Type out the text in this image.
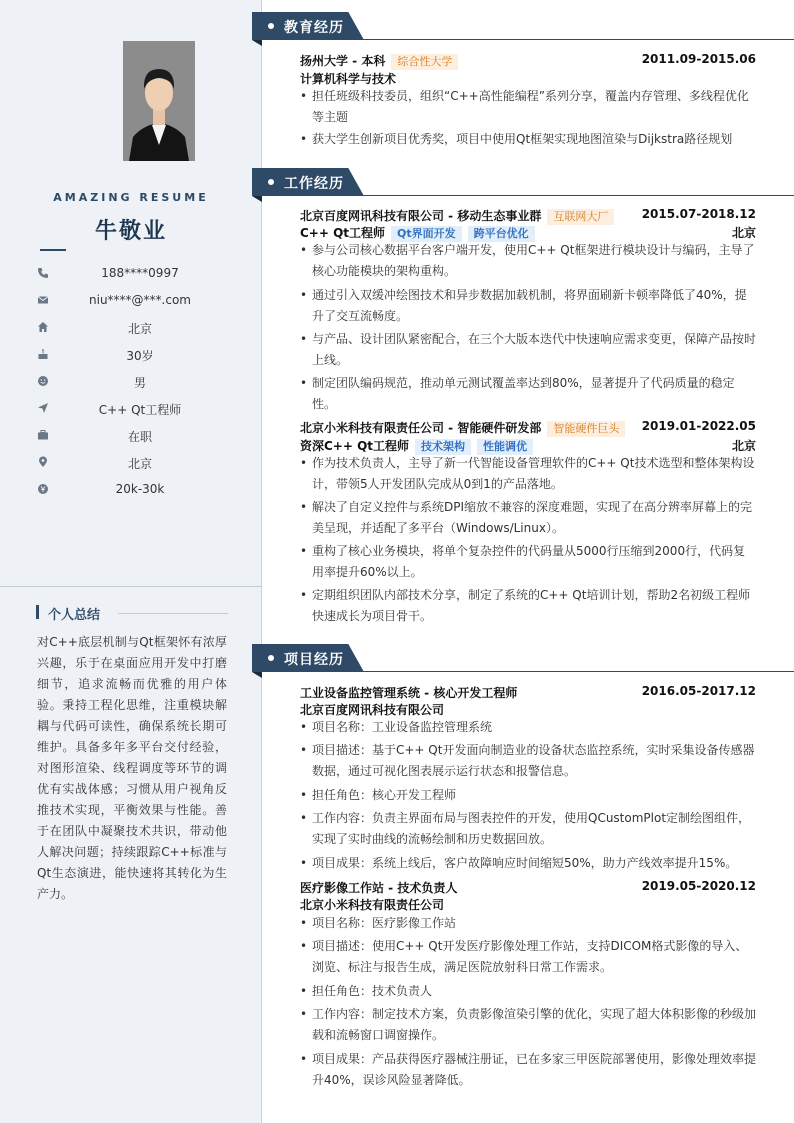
AMAZING RESUME
牛敬业
188****0997
niu****@***.com
北京
30岁
男
C++ Qt工程师
在职
北京
20k-30k
个人总结
对C++底层机制与Qt框架怀有浓厚兴趣，乐于在桌面应用开发中打磨细节，追求流畅而优雅的用户体验。秉持工程化思维，注重模块解耦与代码可读性，确保系统长期可维护。具备多年多平台交付经验，对图形渲染、线程调度等环节的调优有实战体感；习惯从用户视角反推技术实现，平衡效果与性能。善于在团队中凝聚技术共识，带动他人解决问题；持续跟踪C++标准与Qt生态演进，能快速将其转化为生产力。
教育经历
扬州大学 - 本科 综合性大学	2011.09-2015.06
计算机科学与技术
• 担任班级科技委员，组织“C++高性能编程”系列分享，覆盖内存管理、多线程优化等主题
• 获大学生创新项目优秀奖，项目中使用Qt框架实现地图渲染与Dijkstra路径规划
工作经历
北京百度网讯科技有限公司 - 移动生态事业群 互联网大厂	2015.07-2018.12
C++ Qt工程师 Qt界面开发 跨平台优化	北京
• 参与公司核心数据平台客户端开发，使用C++ Qt框架进行模块设计与编码，主导了核心功能模块的架构重构。
• 通过引入双缓冲绘图技术和异步数据加载机制，将界面刷新卡顿率降低了40%，提升了交互流畅度。
• 与产品、设计团队紧密配合，在三个大版本迭代中快速响应需求变更，保障产品按时上线。
• 制定团队编码规范，推动单元测试覆盖率达到80%，显著提升了代码质量的稳定性。
北京小米科技有限责任公司 - 智能硬件研发部 智能硬件巨头	2019.01-2022.05
资深C++ Qt工程师 技术架构 性能调优	北京
• 作为技术负责人，主导了新一代智能设备管理软件的C++ Qt技术选型和整体架构设计，带领5人开发团队完成从0到1的产品落地。
• 解决了自定义控件与系统DPI缩放不兼容的深度难题，实现了在高分辨率屏幕上的完美呈现，并适配了多平台（Windows/Linux）。
• 重构了核心业务模块，将单个复杂控件的代码量从5000行压缩到2000行，代码复用率提升60%以上。
• 定期组织团队内部技术分享，制定了系统的C++ Qt培训计划，帮助2名初级工程师快速成长为项目骨干。
项目经历
工业设备监控管理系统 - 核心开发工程师	2016.05-2017.12
北京百度网讯科技有限公司
• 项目名称：工业设备监控管理系统
• 项目描述：基于C++ Qt开发面向制造业的设备状态监控系统，实时采集设备传感器数据，通过可视化图表展示运行状态和报警信息。
• 担任角色：核心开发工程师
• 工作内容：负责主界面布局与图表控件的开发，使用QCustomPlot定制绘图组件，实现了实时曲线的流畅绘制和历史数据回放。
• 项目成果：系统上线后，客户故障响应时间缩短50%，助力产线效率提升15%。
医疗影像工作站 - 技术负责人	2019.05-2020.12
北京小米科技有限责任公司
• 项目名称：医疗影像工作站
• 项目描述：使用C++ Qt开发医疗影像处理工作站，支持DICOM格式影像的导入、浏览、标注与报告生成，满足医院放射科日常工作需求。
• 担任角色：技术负责人
• 工作内容：制定技术方案，负责影像渲染引擎的优化，实现了超大体积影像的秒级加载和流畅窗口调窗操作。
• 项目成果：产品获得医疗器械注册证，已在多家三甲医院部署使用，影像处理效率提升40%，误诊风险显著降低。
